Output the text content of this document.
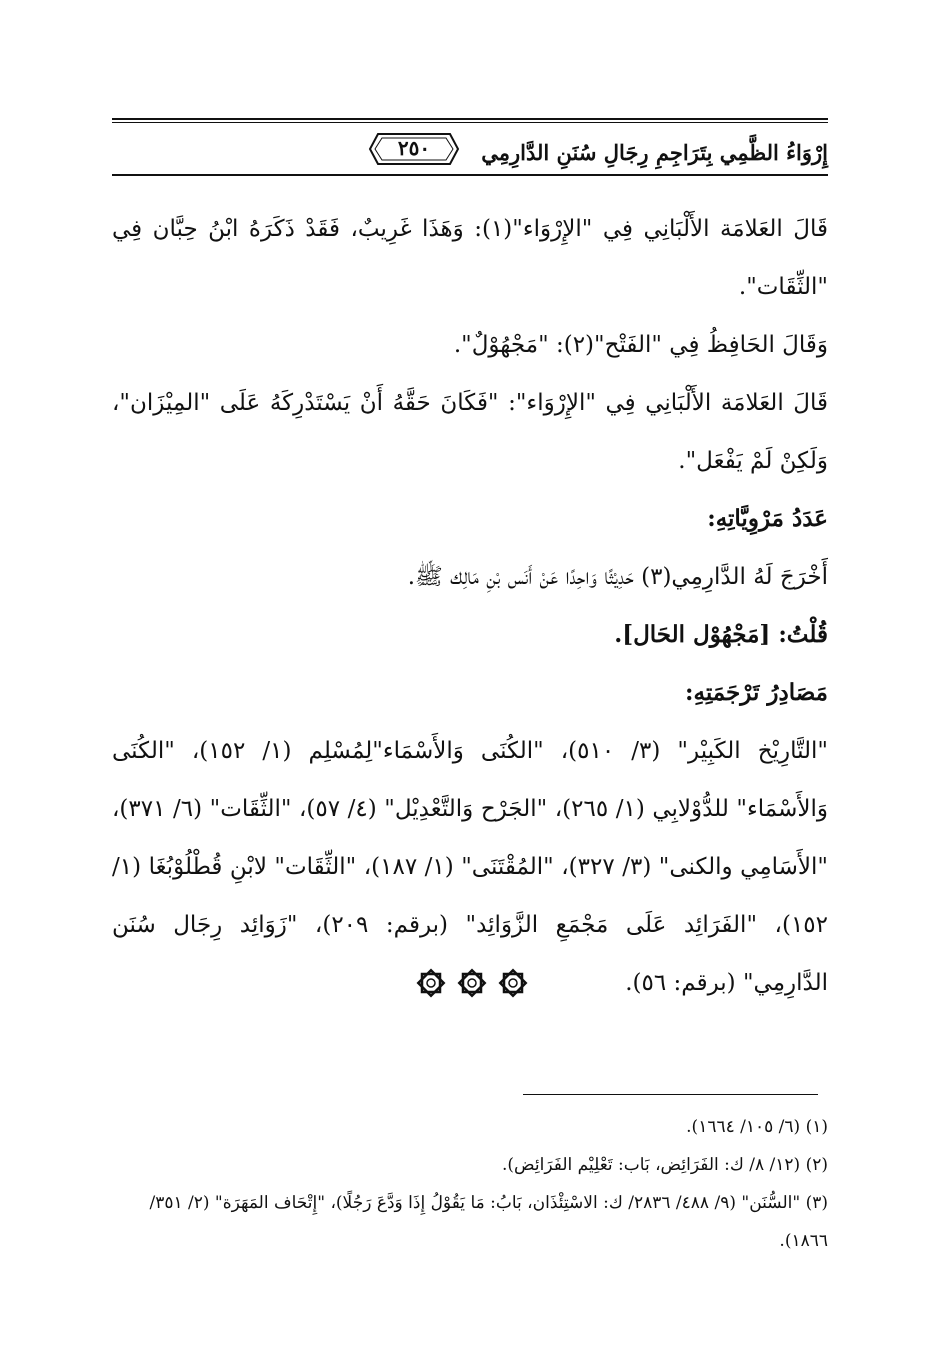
إِرْوَاءُ الظَّمِي بِتَرَاجِمِ رِجَالِ سُنَنِ الدَّارِمِي
٢٥٠

قَالَ العَلامَة الأَلْبَانِي فِي "الإِرْوَاء"(١): وَهَذَا غَرِيبٌ، فَقَدْ ذَكَرَهُ ابْنُ حِبَّان فِي "الثِّقَات".

وَقَالَ الحَافِظُ فِي "الفَتْح"(٢): "مَجْهُوْلٌ".

قَالَ العَلامَة الأَلْبَانِي فِي "الإِرْوَاء": "فَكَانَ حَقَّهُ أَنْ يَسْتَدْرِكَهُ عَلَى "المِيْزَان"، وَلَكِنْ لَمْ يَفْعَل".

عَدَدُ مَرْوِيَّاتِهِ:

أَخْرَجَ لَهُ الدَّارِمِي(٣) حَدِيْثًا وَاحِدًا عَنْ أَنَس بْنِ مَالِك ﷺ.

قُلْتُ: [مَجْهُوْل الحَال].

مَصَادِرُ تَرْجَمَتِهِ:

"التَّارِيْخ الكَبِيْر" (٣/ ٥١٠)، "الكُنَى وَالأَسْمَاء"لِمُسْلِم (١/ ١٥٢)، "الكُنَى وَالأَسْمَاء" للدُّوْلابِي (١/ ٢٦٥)، "الجَرْح وَالتَّعْدِيْل" (٤/ ٥٧)، "الثِّقَات" (٦/ ٣٧١)، "الأَسَامِي والكنى" (٣/ ٣٢٧)، "المُقْتَنَى" (١/ ١٨٧)، "الثِّقَات" لابْنِ قُطْلُوْبُغَا (١/ ١٥٢)، "الفَرَائِد عَلَى مَجْمَعِ الزَّوَائِد" (برقم: ٢٠٩)، "زَوَائِد رِجَال سُنَن الدَّارِمِي" (برقم: ٥٦).

(١) (٦/ ١٠٥/ ١٦٦٤).

(٢) (١٢/ ٨/ ك: الفَرَائِض، بَاب: تَعْلِيْم الفَرَائِض).

(٣) "السُّنَن" (٩/ ٤٨٨/ ٢٨٣٦/ ك: الاسْتِئْذَان، بَابُ: مَا يَقُوْلُ إِذَا وَدَّعَ رَجُلًا)، "إِتْحَاف المَهَرَة" (٢/ ٣٥١/ ١٨٦٦).
